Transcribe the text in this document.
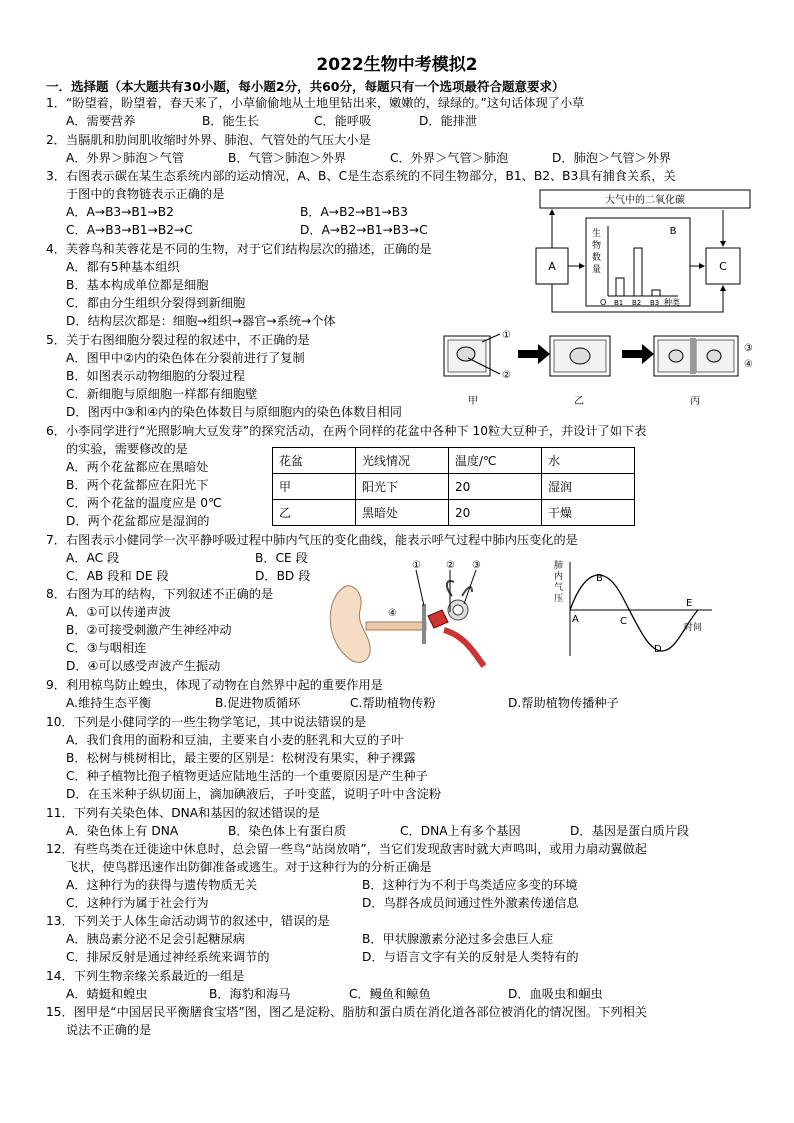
2022生物中考模拟2
一．选择题（本大题共有30小题，每小题2分，共60分，每题只有一个选项最符合题意要求）
1．“盼望着，盼望着，春天来了，小草偷偷地从土地里钻出来，嫩嫩的，绿绿的。”这句话体现了小草
A．需要营养	B．能生长	C．能呼吸	D．能排泄
2．当膈肌和肋间肌收缩时外界、肺泡、气管处的气压大小是
A．外界＞肺泡＞气管	B．气管＞肺泡＞外界	C．外界＞气管＞肺泡	D．肺泡＞气管＞外界
3．右图表示碳在某生态系统内部的运动情况，A、B、C是生态系统的不同生物部分，B1、B2、B3具有捕食关系，关
于图中的食物链表示正确的是
A．A→B3→B1→B2	B．A→B2→B1→B3
C．A→B3→B1→B2→C	D．A→B2→B1→B3→C
大气中的二氧化碳
A	C
B
生
物
数
量
O B1 B2 B3 种类
4．芙蓉鸟和芙蓉花是不同的生物，对于它们结构层次的描述，正确的是
A．都有5种基本组织
B．基本构成单位都是细胞
C．都由分生组织分裂得到新细胞
D．结构层次都是：细胞→组织→器官→系统→个体
5．关于右图细胞分裂过程的叙述中，不正确的是
A．图甲中②内的染色体在分裂前进行了复制
B．如图表示动物细胞的分裂过程
C．新细胞与原细胞一样都有细胞壁
D．图丙中③和④内的染色体数目与原细胞内的染色体数目相同
①
②
③
④
甲	乙	丙
6．小李同学进行“光照影响大豆发芽”的探究活动，在两个同样的花盆中各种下 10粒大豆种子，并设计了如下表
的实验，需要修改的是
A．两个花盆都应在黑暗处
B．两个花盆都应在阳光下
C．两个花盆的温度应是 0℃
D．两个花盆都应是湿润的
花盆	光线情况	温度/℃	水
甲	阳光下	20	湿润
乙	黑暗处	20	干燥
7．右图表示小健同学一次平静呼吸过程中肺内气压的变化曲线，能表示呼气过程中肺内压变化的是
A．AC 段	B．CE 段
C．AB 段和 DE 段	D．BD 段
肺
内
气
压
A
B
C
D
E
时间
8．右图为耳的结构，下列叙述不正确的是
A．①可以传递声波
B．②可接受刺激产生神经冲动
C．③与咽相连
D．④可以感受声波产生振动
①	② ③
④
9．利用椋鸟防止蝗虫，体现了动物在自然界中起的重要作用是
A.维持生态平衡	B.促进物质循环	C.帮助植物传粉	D.帮助植物传播种子
10．下列是小健同学的一些生物学笔记，其中说法错误的是
A．我们食用的面粉和豆油，主要来自小麦的胚乳和大豆的子叶
B．松树与桃树相比，最主要的区别是：松树没有果实，种子裸露
C．种子植物比孢子植物更适应陆地生活的一个重要原因是产生种子
D．在玉米种子纵切面上，滴加碘液后，子叶变蓝，说明子叶中含淀粉
11．下列有关染色体、DNA和基因的叙述错误的是
A．染色体上有 DNA	B．染色体上有蛋白质	C．DNA上有多个基因	D．基因是蛋白质片段
12．有些鸟类在迁徙途中休息时，总会留一些鸟“站岗放哨”，当它们发现敌害时就大声鸣叫，或用力扇动翼做起
飞状，使鸟群迅速作出防御准备或逃生。对于这种行为的分析正确是
A．这种行为的获得与遗传物质无关	B．这种行为不利于鸟类适应多变的环境
C．这种行为属于社会行为	D．鸟群各成员间通过性外激素传递信息
13．下列关于人体生命活动调节的叙述中，错误的是
A．胰岛素分泌不足会引起糖尿病	B．甲状腺激素分泌过多会患巨人症
C．排尿反射是通过神经系统来调节的	D．与语言文字有关的反射是人类特有的
14．下列生物亲缘关系最近的一组是
A．蜻蜓和蝗虫	B．海豹和海马	C．鳗鱼和鲸鱼	D．血吸虫和蛔虫
15．图甲是“中国居民平衡膳食宝塔”图，图乙是淀粉、脂肪和蛋白质在消化道各部位被消化的情况图。下列相关
说法不正确的是
